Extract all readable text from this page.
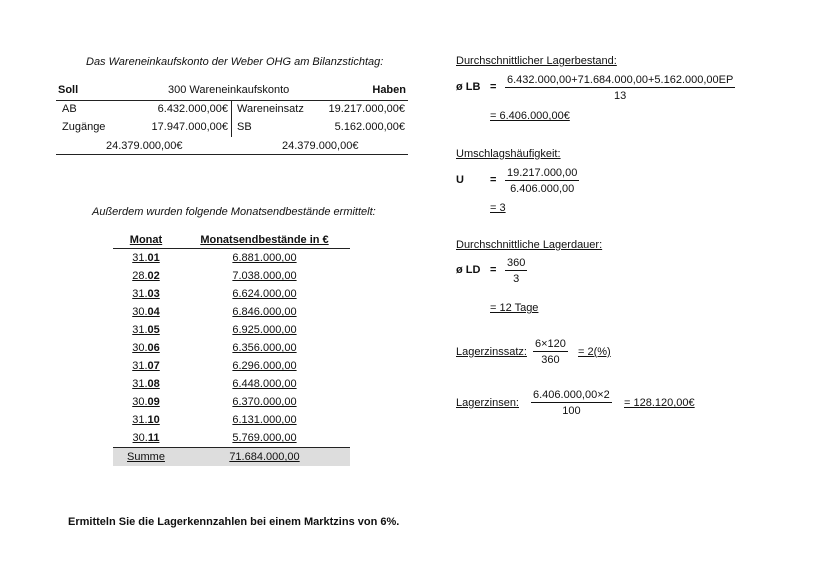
Das Wareneinkaufskonto der Weber OHG am Bilanzstichtag:
Soll	300 Wareneinkaufskonto	Haben
AB	6.432.000,00€ Wareneinsatz	19.217.000,00€
Zugänge	17.947.000,00€ SB	5.162.000,00€
24.379.000,00€	24.379.000,00€
Außerdem wurden folgende Monatsendbestände ermittelt:
Monat	Monatsendbestände in €
31.01	6.881.000,00
28.02	7.038.000,00
31.03	6.624.000,00
30.04	6.846.000,00
31.05	6.925.000,00
30.06	6.356.000,00
31.07	6.296.000,00
31.08	6.448.000,00
30.09	6.370.000,00
31.10	6.131.000,00
30.11	5.769.000,00
Summe	71.684.000,00
Ermitteln Sie die Lagerkennzahlen bei einem Marktzins von 6%.
Durchschnittlicher Lagerbestand:
ø LB = $\frac{6.432.000,00+71.684.000,00+5.162.000,00EP}{13}$
= 6.406.000,00€
Umschlagshäufigkeit:
$U = \frac{19.217.000,00}{6.406.000,00}$
= 3
Durchschnittliche Lagerdauer:
ø LD = $\frac{360}{3}$
= 12 Tage
Lagerzinssatz: $\frac{6\times 120}{360} = 2(\%)$
Lagerzinsen: $\frac{6.406.000,00\times 2}{100}$ = 128.120,00€
